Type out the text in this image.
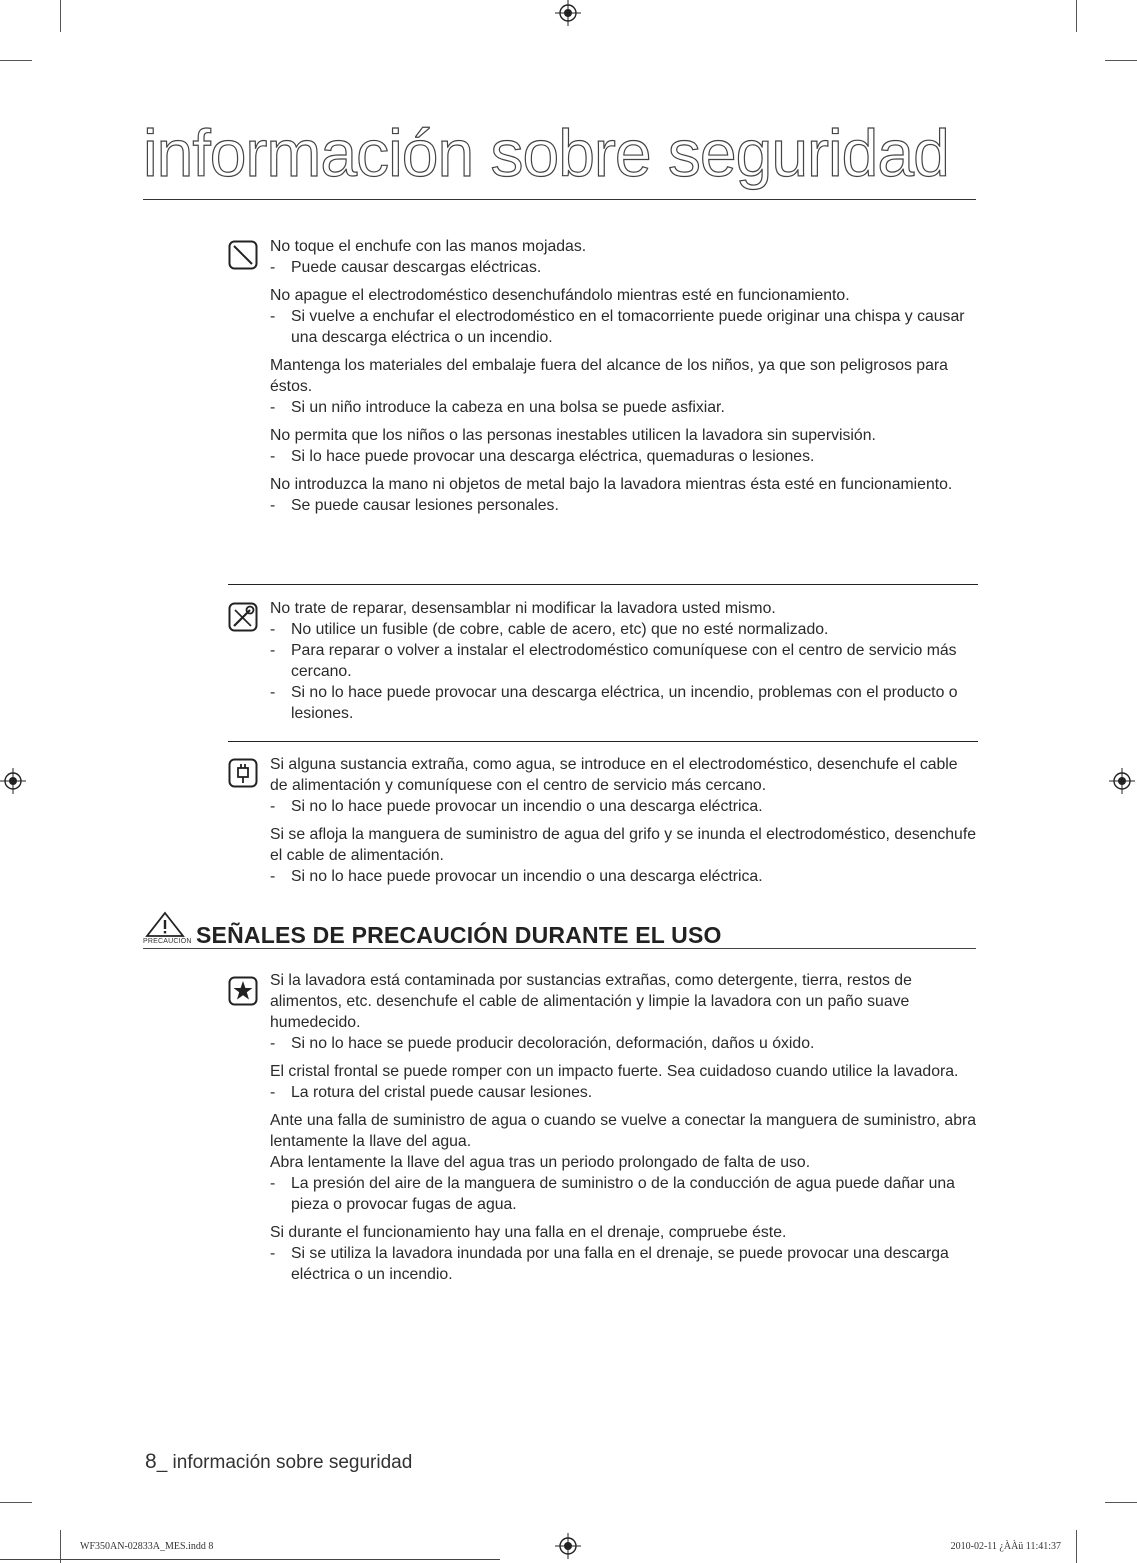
información sobre seguridad
No toque el enchufe con las manos mojadas.
- Puede causar descargas eléctricas.
No apague el electrodoméstico desenchufándolo mientras esté en funcionamiento.
- Si vuelve a enchufar el electrodoméstico en el tomacorriente puede originar una chispa y causar una descarga eléctrica o un incendio.
Mantenga los materiales del embalaje fuera del alcance de los niños, ya que son peligrosos para éstos.
- Si un niño introduce la cabeza en una bolsa se puede asfixiar.
No permita que los niños o las personas inestables utilicen la lavadora sin supervisión.
- Si lo hace puede provocar una descarga eléctrica, quemaduras o lesiones.
No introduzca la mano ni objetos de metal bajo la lavadora mientras ésta esté en funcionamiento.
- Se puede causar lesiones personales.
No trate de reparar, desensamblar ni modificar la lavadora usted mismo.
- No utilice un fusible (de cobre, cable de acero, etc) que no esté normalizado.
- Para reparar o volver a instalar el electrodoméstico comuníquese con el centro de servicio más cercano.
- Si no lo hace puede provocar una descarga eléctrica, un incendio, problemas con el producto o lesiones.
Si alguna sustancia extraña, como agua, se introduce en el electrodoméstico, desenchufe el cable de alimentación y comuníquese con el centro de servicio más cercano.
- Si no lo hace puede provocar un incendio o una descarga eléctrica.
Si se afloja la manguera de suministro de agua del grifo y se inunda el electrodoméstico, desenchufe el cable de alimentación.
- Si no lo hace puede provocar un incendio o una descarga eléctrica.
PRECAUCIÓN SEÑALES DE PRECAUCIÓN DURANTE EL USO
Si la lavadora está contaminada por sustancias extrañas, como detergente, tierra, restos de alimentos, etc. desenchufe el cable de alimentación y limpie la lavadora con un paño suave humedecido.
- Si no lo hace se puede producir decoloración, deformación, daños u óxido.
El cristal frontal se puede romper con un impacto fuerte. Sea cuidadoso cuando utilice la lavadora.
- La rotura del cristal puede causar lesiones.
Ante una falla de suministro de agua o cuando se vuelve a conectar la manguera de suministro, abra lentamente la llave del agua.
Abra lentamente la llave del agua tras un periodo prolongado de falta de uso.
- La presión del aire de la manguera de suministro o de la conducción de agua puede dañar una pieza o provocar fugas de agua.
Si durante el funcionamiento hay una falla en el drenaje, compruebe éste.
- Si se utiliza la lavadora inundada por una falla en el drenaje, se puede provocar una descarga eléctrica o un incendio.
8_ información sobre seguridad
WF350AN-02833A_MES.indd 8	2010-02-11 ¿ÀÀü 11:41:37
